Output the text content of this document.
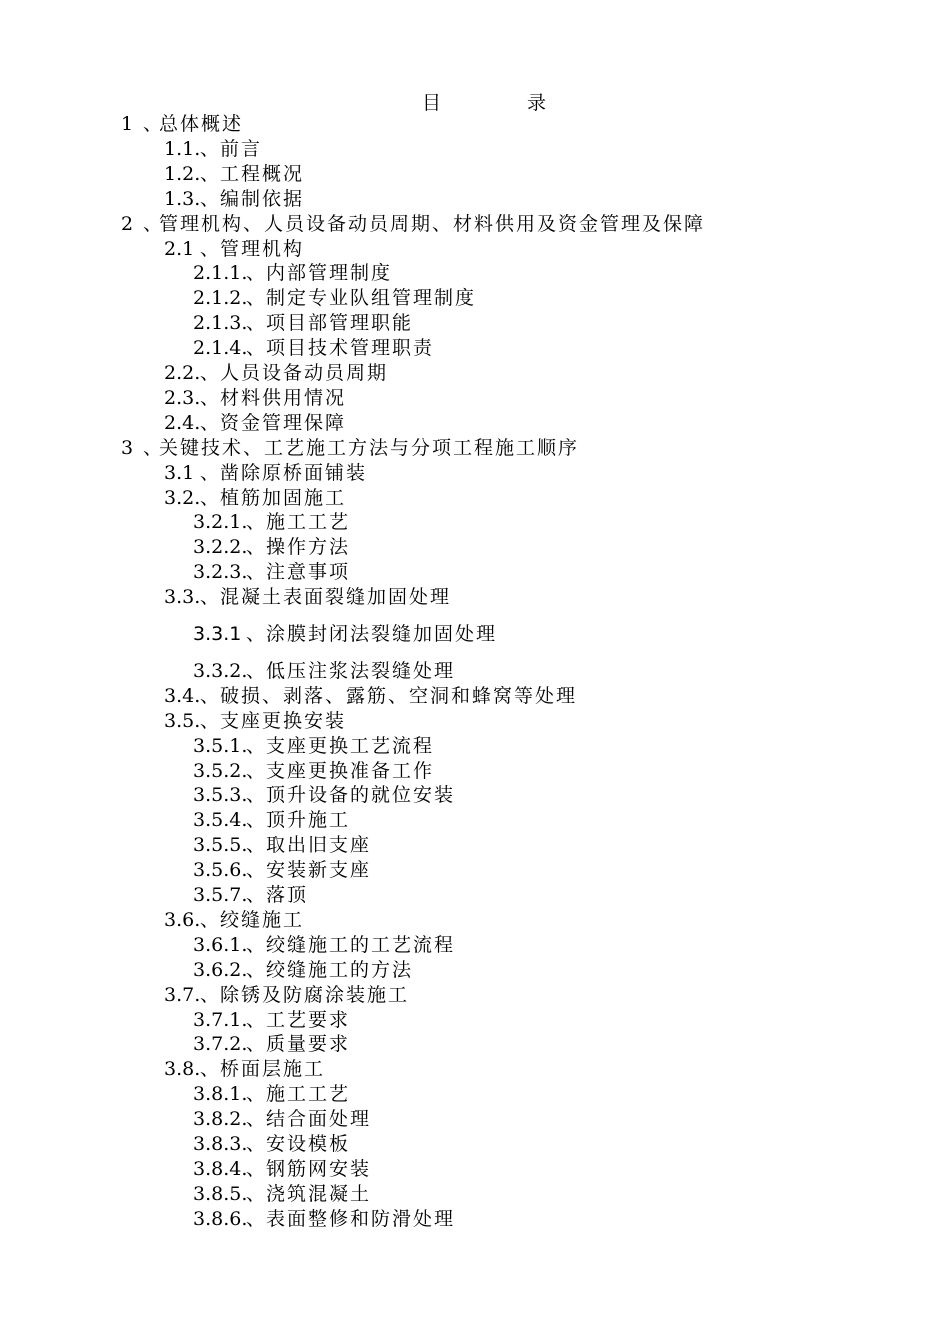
目 录
1 、
总体概述
1.1. 、 前言
1.2. 、 工程概况
1.3. 、 编制依据
2 、
管理机构、人员设备动员周期、材料供用及资金管理及保障
2.1 、 管理机构
2.1.1.
、 内部管理制度
2.1.2.
、 制定专业队组管理制度
2.1.3.
、 项目部管理职能
2.1.4.
、 项目技术管理职责
2.2. 、 人员设备动员周期
2.3. 、 材料供用情况
2.4. 、 资金管理保障
3 、
关键技术、工艺施工方法与分项工程施工顺序
3.1 、 凿除原桥面铺装
3.2. 、 植筋加固施工
3.2.1.
、 施工工艺
3.2.2.
、 操作方法
3.2.3.
、 注意事项
3.3. 、 混凝土表面裂缝加固处理
3.3.1 、 涂膜封闭法裂缝加固处理
3.3.2.
、 低压注浆法裂缝处理
3.4. 、 破损、剥落、露筋、空洞和蜂窝等处理
3.5. 、 支座更换安装
3.5.1.
、 支座更换工艺流程
3.5.2.
、 支座更换准备工作
3.5.3.
、 顶升设备的就位安装
3.5.4.
、 顶升施工
3.5.5.
、 取出旧支座
3.5.6.
、 安装新支座
3.5.7.
、 落顶
3.6. 、 绞缝施工
3.6.1.
、 绞缝施工的工艺流程
3.6.2.
、 绞缝施工的方法
3.7. 、 除锈及防腐涂装施工
3.7.1.
、 工艺要求
3.7.2.
、 质量要求
3.8. 、 桥面层施工
3.8.1.
、 施工工艺
3.8.2.
、 结合面处理
3.8.3.
、 安设模板
3.8.4.
、 钢筋网安装
3.8.5.
、 浇筑混凝土
3.8.6.
、 表面整修和防滑处理
